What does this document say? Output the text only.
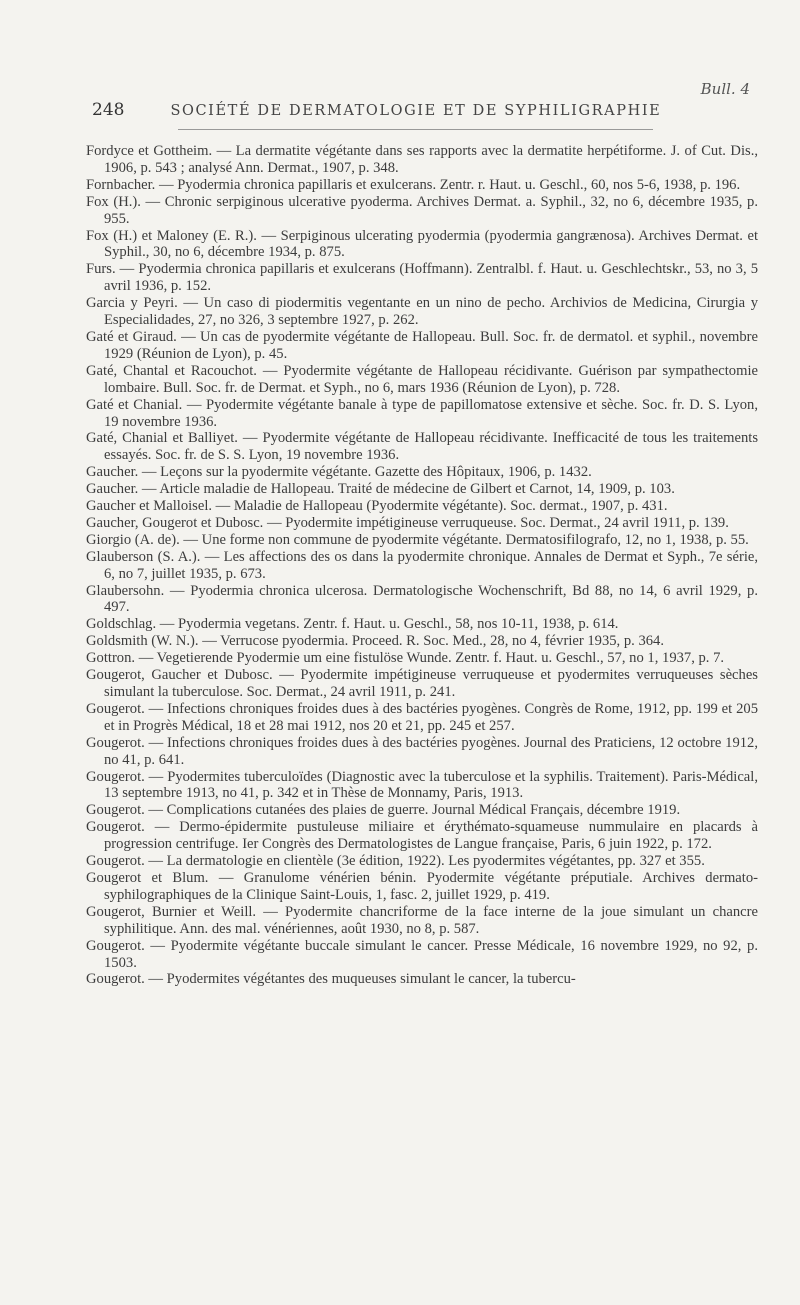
Bull. 4
248	SOCIÉTÉ DE DERMATOLOGIE ET DE SYPHILIGRAPHIE

Fordyce et Gottheim. — La dermatite végétante dans ses rapports avec la dermatite herpétiforme. J. of Cut. Dis., 1906, p. 543 ; analysé Ann. Dermat., 1907, p. 348.

Fornbacher. — Pyodermia chronica papillaris et exulcerans. Zentr. r. Haut. u. Geschl., 60, nos 5-6, 1938, p. 196.

Fox (H.). — Chronic serpiginous ulcerative pyoderma. Archives Dermat. a. Syphil., 32, no 6, décembre 1935, p. 955.

Fox (H.) et Maloney (E. R.). — Serpiginous ulcerating pyodermia (pyodermia gangrænosa). Archives Dermat. et Syphil., 30, no 6, décembre 1934, p. 875.

Furs. — Pyodermia chronica papillaris et exulcerans (Hoffmann). Zentralbl. f. Haut. u. Geschlechtskr., 53, no 3, 5 avril 1936, p. 152.

Garcia y Peyri. — Un caso di piodermitis vegentante en un nino de pecho. Archivios de Medicina, Cirurgia y Especialidades, 27, no 326, 3 septembre 1927, p. 262.

Gaté et Giraud. — Un cas de pyodermite végétante de Hallopeau. Bull. Soc. fr. de dermatol. et syphil., novembre 1929 (Réunion de Lyon), p. 45.

Gaté, Chantal et Racouchot. — Pyodermite végétante de Hallopeau récidivante. Guérison par sympathectomie lombaire. Bull. Soc. fr. de Dermat. et Syph., no 6, mars 1936 (Réunion de Lyon), p. 728.

Gaté et Chanial. — Pyodermite végétante banale à type de papillomatose extensive et sèche. Soc. fr. D. S. Lyon, 19 novembre 1936.

Gaté, Chanial et Balliyet. — Pyodermite végétante de Hallopeau récidivante. Inefficacité de tous les traitements essayés. Soc. fr. de S. S. Lyon, 19 novembre 1936.

Gaucher. — Leçons sur la pyodermite végétante. Gazette des Hôpitaux, 1906, p. 1432.

Gaucher. — Article maladie de Hallopeau. Traité de médecine de Gilbert et Carnot, 14, 1909, p. 103.

Gaucher et Malloisel. — Maladie de Hallopeau (Pyodermite végétante). Soc. dermat., 1907, p. 431.

Gaucher, Gougerot et Dubosc. — Pyodermite impétigineuse verruqueuse. Soc. Dermat., 24 avril 1911, p. 139.

Giorgio (A. de). — Une forme non commune de pyodermite végétante. Dermatosifilografo, 12, no 1, 1938, p. 55.

Glauberson (S. A.). — Les affections des os dans la pyodermite chronique. Annales de Dermat et Syph., 7e série, 6, no 7, juillet 1935, p. 673.

Glaubersohn. — Pyodermia chronica ulcerosa. Dermatologische Wochenschrift, Bd 88, no 14, 6 avril 1929, p. 497.

Goldschlag. — Pyodermia vegetans. Zentr. f. Haut. u. Geschl., 58, nos 10-11, 1938, p. 614.

Goldsmith (W. N.). — Verrucose pyodermia. Proceed. R. Soc. Med., 28, no 4, février 1935, p. 364.

Gottron. — Vegetierende Pyodermie um eine fistulöse Wunde. Zentr. f. Haut. u. Geschl., 57, no 1, 1937, p. 7.

Gougerot, Gaucher et Dubosc. — Pyodermite impétigineuse verruqueuse et pyodermites verruqueuses sèches simulant la tuberculose. Soc. Dermat., 24 avril 1911, p. 241.

Gougerot. — Infections chroniques froides dues à des bactéries pyogènes. Congrès de Rome, 1912, pp. 199 et 205 et in Progrès Médical, 18 et 28 mai 1912, nos 20 et 21, pp. 245 et 257.

Gougerot. — Infections chroniques froides dues à des bactéries pyogènes. Journal des Praticiens, 12 octobre 1912, no 41, p. 641.

Gougerot. — Pyodermites tuberculoïdes (Diagnostic avec la tuberculose et la syphilis. Traitement). Paris-Médical, 13 septembre 1913, no 41, p. 342 et in Thèse de Monnamy, Paris, 1913.

Gougerot. — Complications cutanées des plaies de guerre. Journal Médical Français, décembre 1919.

Gougerot. — Dermo-épidermite pustuleuse miliaire et érythémato-squameuse nummulaire en placards à progression centrifuge. Ier Congrès des Dermatologistes de Langue française, Paris, 6 juin 1922, p. 172.

Gougerot. — La dermatologie en clientèle (3e édition, 1922). Les pyodermites végétantes, pp. 327 et 355.

Gougerot et Blum. — Granulome vénérien bénin. Pyodermite végétante préputiale. Archives dermato-syphilographiques de la Clinique Saint-Louis, 1, fasc. 2, juillet 1929, p. 419.

Gougerot, Burnier et Weill. — Pyodermite chancriforme de la face interne de la joue simulant un chancre syphilitique. Ann. des mal. vénériennes, août 1930, no 8, p. 587.

Gougerot. — Pyodermite végétante buccale simulant le cancer. Presse Médicale, 16 novembre 1929, no 92, p. 1503.

Gougerot. — Pyodermites végétantes des muqueuses simulant le cancer, la tubercu-
